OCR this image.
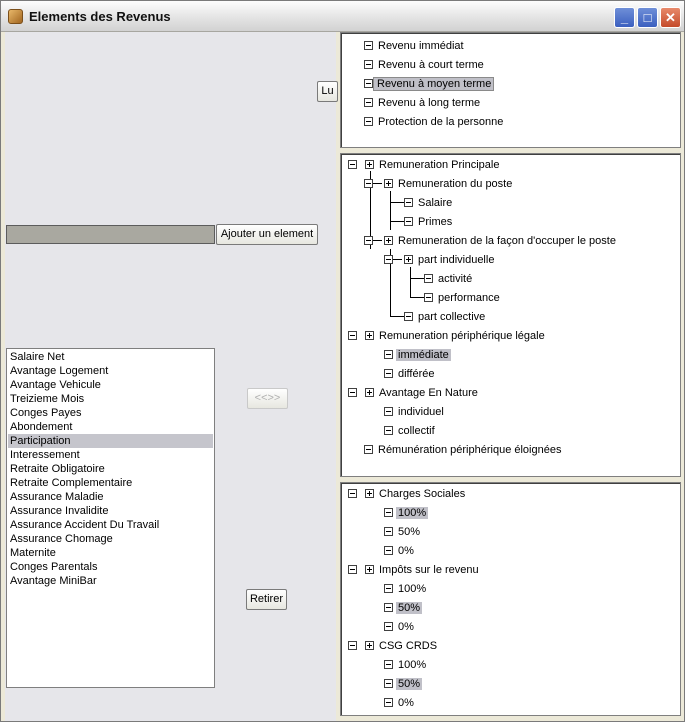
Elements des Revenus	_	□	✕
Ajouter un element
Salaire Net
Avantage Logement
Avantage Vehicule
Treizieme Mois
Conges Payes
Abondement
Participation
Interessement
Retraite Obligatoire
Retraite Complementaire
Assurance Maladie
Assurance Invalidite
Assurance Accident Du Travail
Assurance Chomage
Maternite
Conges Parentals
Avantage MiniBar
Lu
<<>>
Retirer
Revenu immédiat
Revenu à court terme
Revenu à moyen terme
Revenu à long terme
Protection de la personne
Remuneration Principale
Remuneration du poste
Salaire
Primes
Remuneration de la façon d'occuper le poste
part individuelle
activité
performance
part collective
Remuneration périphérique légale
immédiate
différée
Avantage En Nature
individuel
collectif
Rémunération périphérique éloignées
Charges Sociales
100%
50%
0%
Impôts sur le revenu
100%
50%
0%
CSG CRDS
100%
50%
0%
